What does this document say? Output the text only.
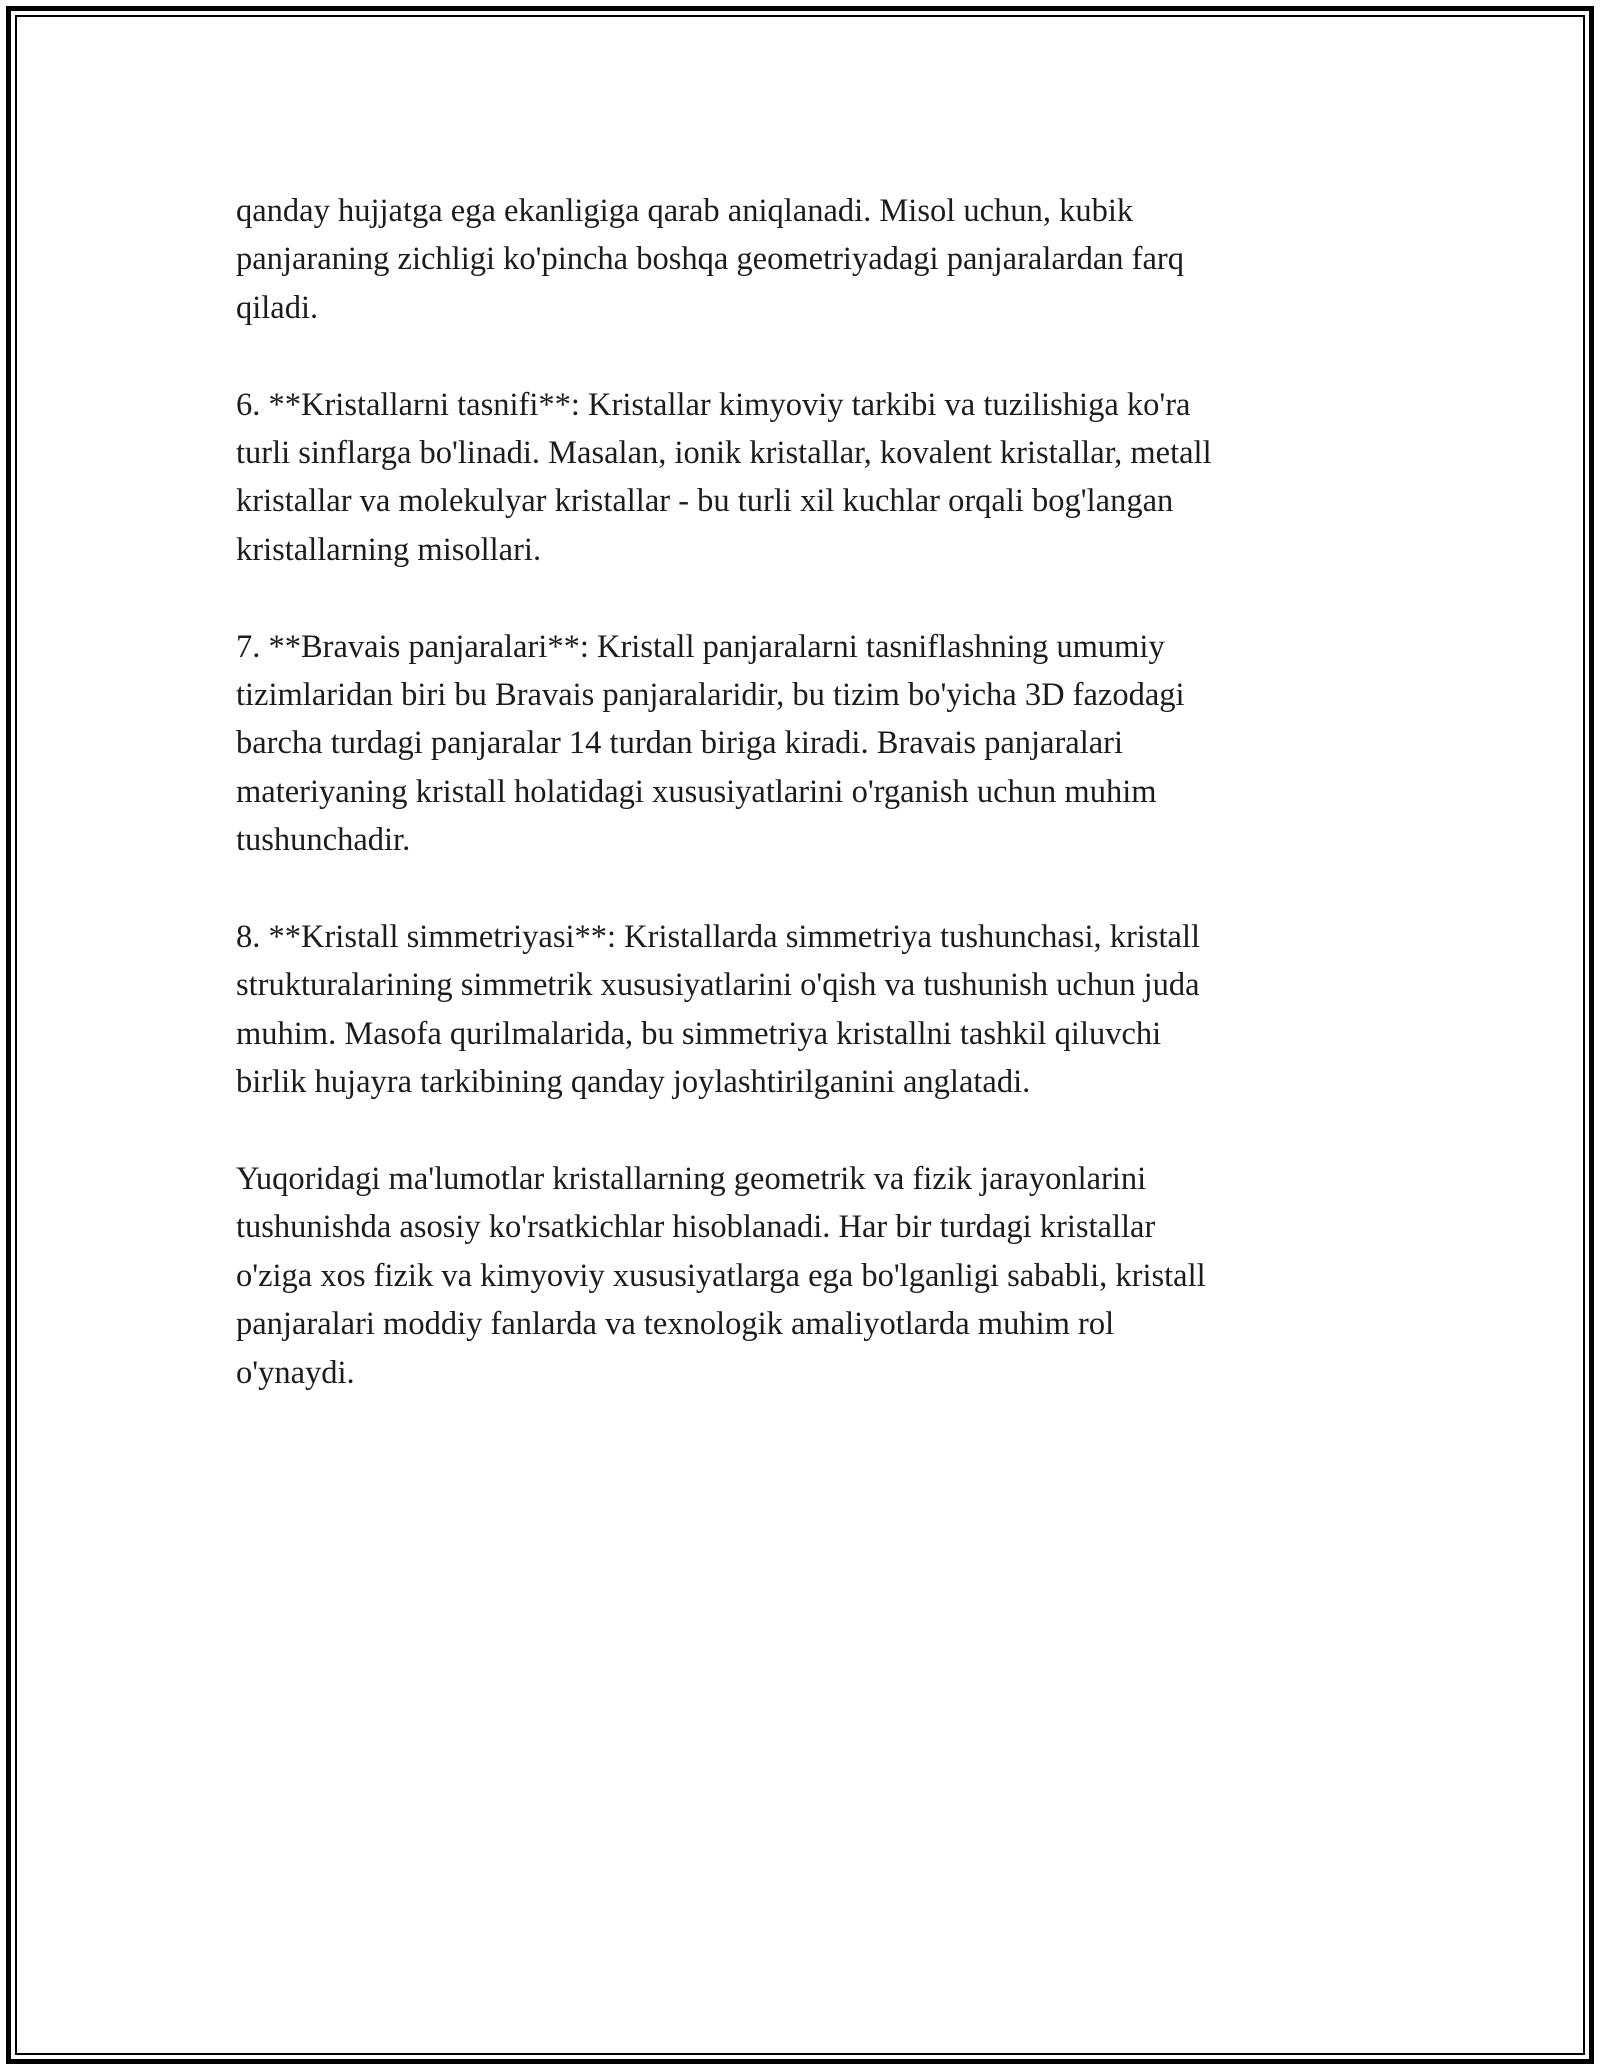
qanday hujjatga ega ekanligiga qarab aniqlanadi. Misol uchun, kubik
panjaraning zichligi ko'pincha boshqa geometriyadagi panjaralardan farq
qiladi.
6. **Kristallarni tasnifi**: Kristallar kimyoviy tarkibi va tuzilishiga ko'ra
turli sinflarga bo'linadi. Masalan, ionik kristallar, kovalent kristallar, metall
kristallar va molekulyar kristallar - bu turli xil kuchlar orqali bog'langan
kristallarning misollari.
7. **Bravais panjaralari**: Kristall panjaralarni tasniflashning umumiy
tizimlaridan biri bu Bravais panjaralaridir, bu tizim bo'yicha 3D fazodagi
barcha turdagi panjaralar 14 turdan biriga kiradi. Bravais panjaralari
materiyaning kristall holatidagi xususiyatlarini o'rganish uchun muhim
tushunchadir.
8. **Kristall simmetriyasi**: Kristallarda simmetriya tushunchasi, kristall
strukturalarining simmetrik xususiyatlarini o'qish va tushunish uchun juda
muhim. Masofa qurilmalarida, bu simmetriya kristallni tashkil qiluvchi
birlik hujayra tarkibining qanday joylashtirilganini anglatadi.
Yuqoridagi ma'lumotlar kristallarning geometrik va fizik jarayonlarini
tushunishda asosiy ko'rsatkichlar hisoblanadi. Har bir turdagi kristallar
o'ziga xos fizik va kimyoviy xususiyatlarga ega bo'lganligi sababli, kristall
panjaralari moddiy fanlarda va texnologik amaliyotlarda muhim rol
o'ynaydi.
